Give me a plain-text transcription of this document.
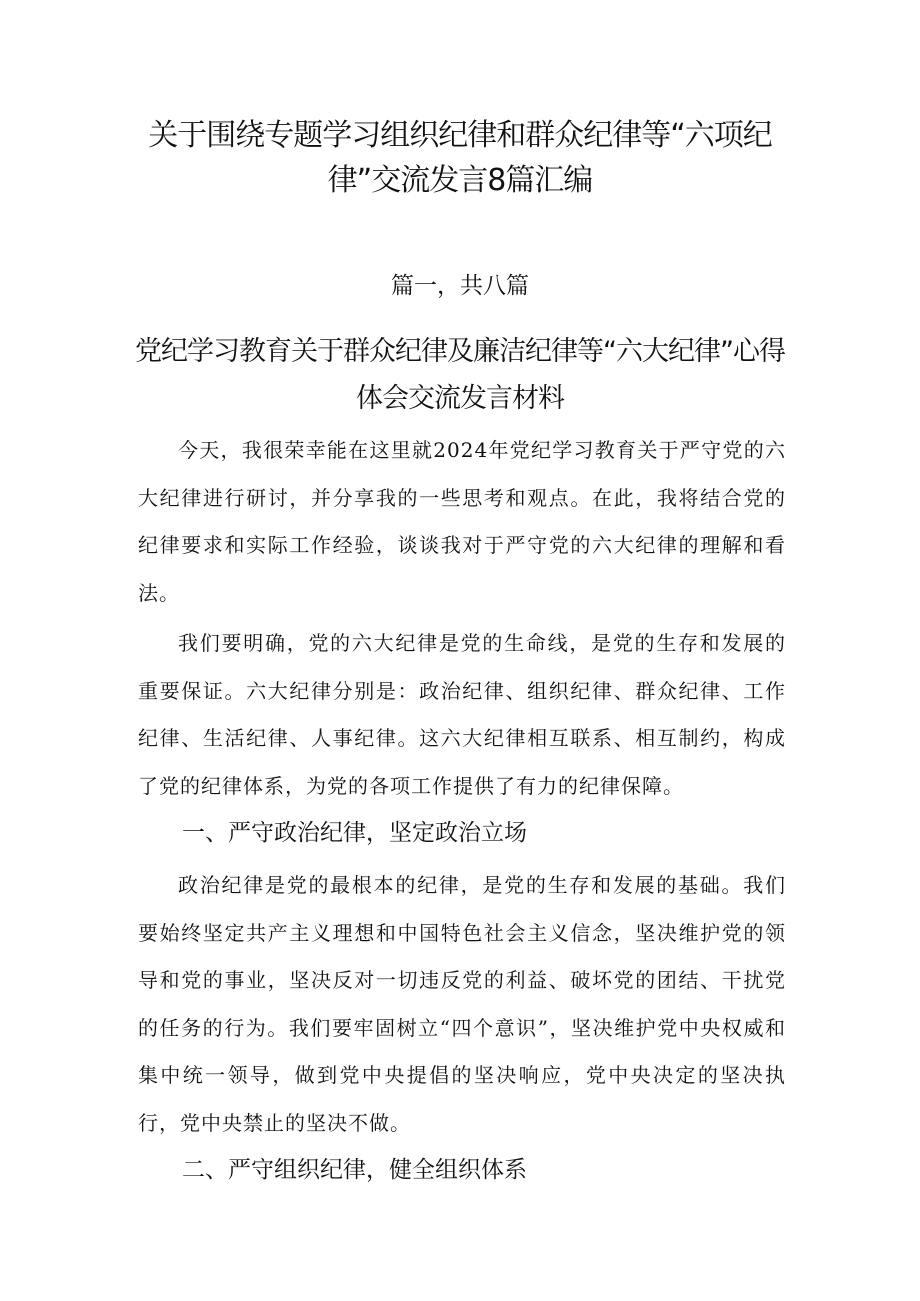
关于围绕专题学习组织纪律和群众纪律等“六项纪律”交流发言8篇汇编
篇一，共八篇
党纪学习教育关于群众纪律及廉洁纪律等“六大纪律”心得体会交流发言材料

今天，我很荣幸能在这里就2024年党纪学习教育关于严守党的六大纪律进行研讨，并分享我的一些思考和观点。在此，我将结合党的纪律要求和实际工作经验，谈谈我对于严守党的六大纪律的理解和看法。

我们要明确，党的六大纪律是党的生命线，是党的生存和发展的重要保证。六大纪律分别是：政治纪律、组织纪律、群众纪律、工作纪律、生活纪律、人事纪律。这六大纪律相互联系、相互制约，构成了党的纪律体系，为党的各项工作提供了有力的纪律保障。

一、严守政治纪律，坚定政治立场

政治纪律是党的最根本的纪律，是党的生存和发展的基础。我们要始终坚定共产主义理想和中国特色社会主义信念，坚决维护党的领导和党的事业，坚决反对一切违反党的利益、破坏党的团结、干扰党的任务的行为。我们要牢固树立“四个意识”，坚决维护党中央权威和集中统一领导，做到党中央提倡的坚决响应，党中央决定的坚决执行，党中央禁止的坚决不做。

二、严守组织纪律，健全组织体系
